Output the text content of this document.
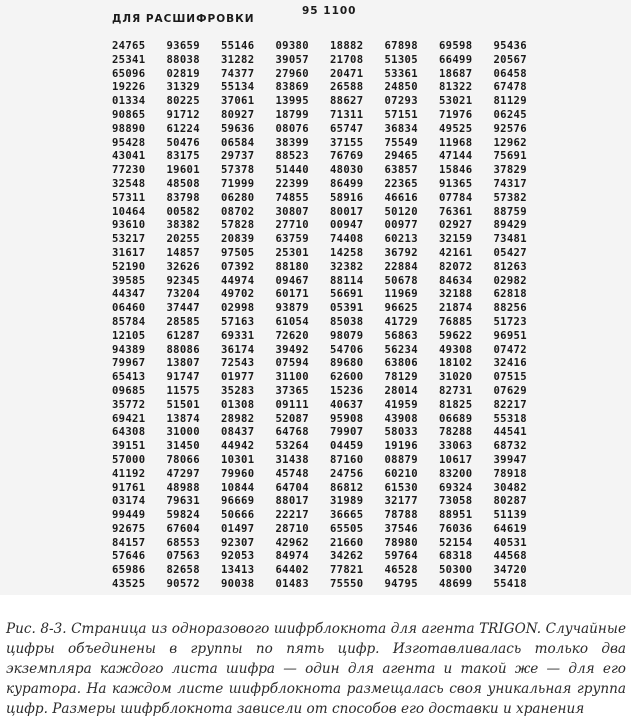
ДЛЯ РАСШИФРОВКИ
95 1100
24765	93659	55146	09380	18882	67898	69598	95436
25341	88038	31282	39057	21708	51305	66499	20567
65096	02819	74377	27960	20471	53361	18687	06458
19226	31329	55134	83869	26588	24850	81322	67478
01334	80225	37061	13995	88627	07293	53021	81129
90865	91712	80927	18799	71311	57151	71976	06245
98890	61224	59636	08076	65747	36834	49525	92576
95428	50476	06584	38399	37155	75549	11968	12962
43041	83175	29737	88523	76769	29465	47144	75691
77230	19601	57378	51440	48030	63857	15846	37829
32548	48508	71999	22399	86499	22365	91365	74317
57311	83798	06280	74855	58916	46616	07784	57382
10464	00582	08702	30807	80017	50120	76361	88759
93610	38382	57828	27710	00947	00977	02927	89429
53217	20255	20839	63759	74408	60213	32159	73481
31617	14857	97505	25301	14258	36792	42161	05427
52190	32626	07392	88180	32382	22884	82072	81263
39585	92345	44974	09467	88114	50678	84634	02982
44347	73204	49702	60171	56691	11969	32188	62818
06460	37447	02998	93879	05391	96625	21874	88256
85784	28585	57163	61054	85038	41729	76885	51723
12105	61287	69331	72620	98079	56863	59622	96951
94389	88086	36174	39492	54706	56234	49308	07472
79967	13807	72543	07594	89680	63806	18102	32416
65413	91747	01977	31100	62600	78129	31020	07515
09685	11575	35283	37365	15236	28014	82731	07629
35772	51501	01308	09111	40637	41959	81825	82217
69421	13874	28982	52087	95908	43908	06689	55318
64308	31000	08437	64768	79907	58033	78288	44541
39151	31450	44942	53264	04459	19196	33063	68732
57000	78066	10301	31438	87160	08879	10617	39947
41192	47297	79960	45748	24756	60210	83200	78918
91761	48988	10844	64704	86812	61530	69324	30482
03174	79631	96669	88017	31989	32177	73058	80287
99449	59824	50666	22217	36665	78788	88951	51139
92675	67604	01497	28710	65505	37546	76036	64619
84157	68553	92307	42962	21660	78980	52154	40531
57646	07563	92053	84974	34262	59764	68318	44568
65986	82658	13413	64402	77821	46528	50300	34720
43525	90572	90038	01483	75550	94795	48699	55418
Рис. 8-3. Страница из одноразового шифрблокнота для агента TRIGON. Случайные цифры объединены в группы по пять цифр. Изготавливалась только два экземпляра каждого листа шифра — один для агента и такой же — для его куратора. На каждом листе шифрблокнота размещалась своя уникальная группа цифр. Размеры шифрблокнота зависели от способов его доставки и хранения
